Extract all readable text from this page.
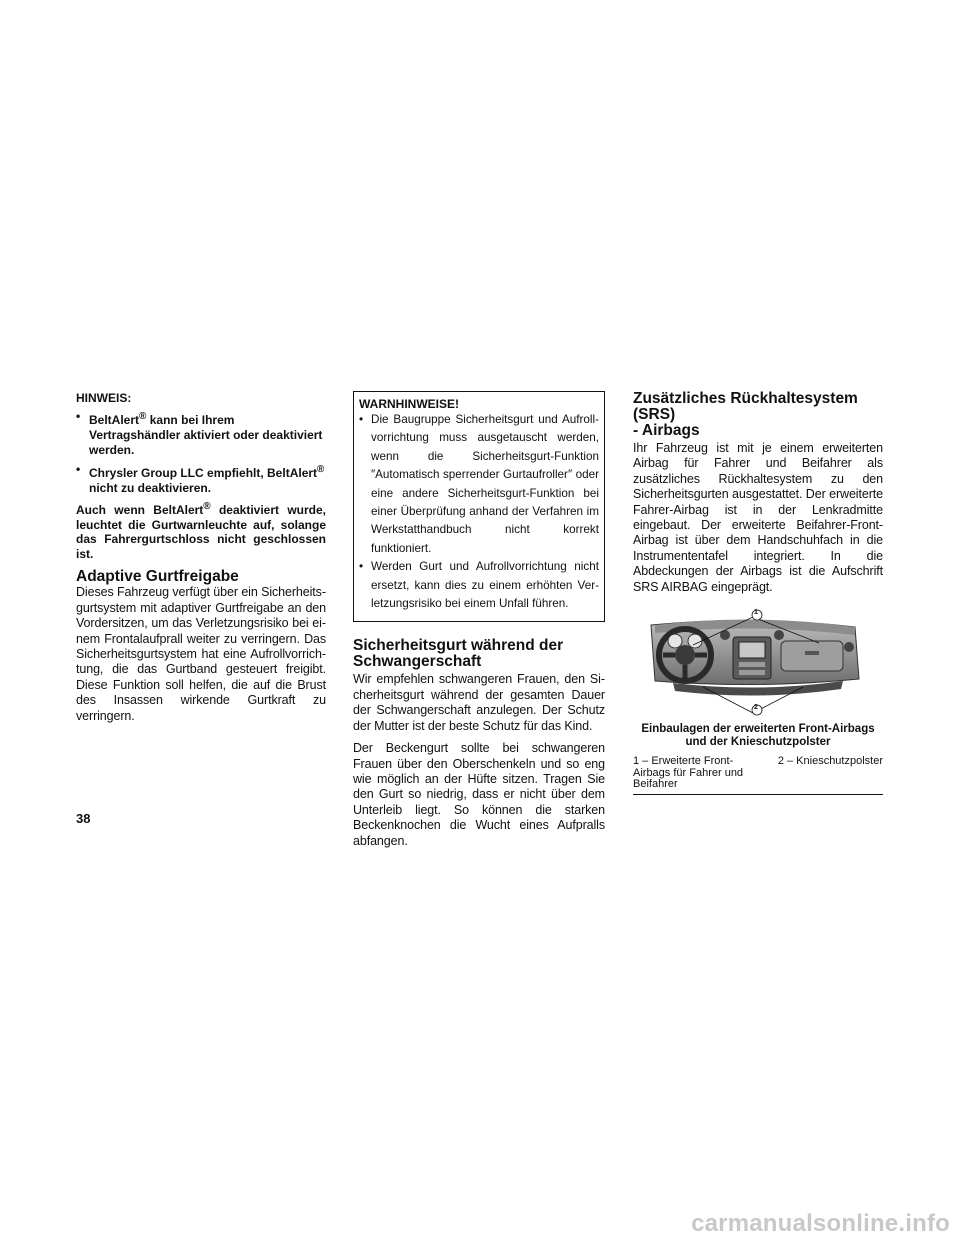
HINWEIS:

• BeltAlert® kann bei Ihrem Vertragshändler aktiviert oder deaktiviert werden.
• Chrysler Group LLC empfiehlt, BeltAlert® nicht zu deaktivieren.

Auch wenn BeltAlert® deaktiviert wurde, leuchtet die Gurtwarnleuchte auf, solange das Fahrergurtschloss nicht geschlossen ist.

Adaptive Gurtfreigabe

Dieses Fahrzeug verfügt über ein Sicherheitsgurtsystem mit adaptiver Gurtfreigabe an den Vordersitzen, um das Verletzungsrisiko bei einem Frontalaufprall weiter zu verringern. Das Sicherheitsgurtsystem hat eine Aufrollvorrichtung, die das Gurtband gesteuert freigibt. Diese Funktion soll helfen, die auf die Brust des Insassen wirkende Gurtkraft zu verringern.

WARNHINWEISE!

• Die Baugruppe Sicherheitsgurt und Aufrollvorrichtung muss ausgetauscht werden, wenn die Sicherheitsgurt-Funktion ″Automatisch sperrender Gurtaufroller″ oder eine andere Sicherheitsgurt-Funktion bei einer Überprüfung anhand der Verfahren im Werkstatthandbuch nicht korrekt funktioniert.
• Werden Gurt und Aufrollvorrichtung nicht ersetzt, kann dies zu einem erhöhten Verletzungsrisiko bei einem Unfall führen.
Sicherheitsgurt während der
Schwangerschaft

Wir empfehlen schwangeren Frauen, den Sicherheitsgurt während der gesamten Dauer der Schwangerschaft anzulegen. Der Schutz der Mutter ist der beste Schutz für das Kind.

Der Beckengurt sollte bei schwangeren Frauen über den Oberschenkeln und so eng wie möglich an der Hüfte sitzen. Tragen Sie den Gurt so niedrig, dass er nicht über dem Unterleib liegt. So können die starken Beckenknochen die Wucht eines Aufpralls abfangen.

Zusätzliches Rückhaltesystem (SRS)
- Airbags

Ihr Fahrzeug ist mit je einem erweiterten Airbag für Fahrer und Beifahrer als zusätzliches Rückhaltesystem zu den Sicherheitsgurten ausgestattet. Der erweiterte Fahrer-Airbag ist in der Lenkradmitte eingebaut. Der erweiterte Beifahrer-Front-Airbag ist über dem Handschuhfach in die Instrumententafel integriert. In die Abdeckungen der Airbags ist die Aufschrift SRS AIRBAG eingeprägt.

1
2

Einbaulagen der erweiterten Front-Airbags und der Knieschutzpolster

1 – Erweiterte Front-Airbags für Fahrer und Beifahrer
2 – Knieschutzpolster
38
carmanualsonline.info
